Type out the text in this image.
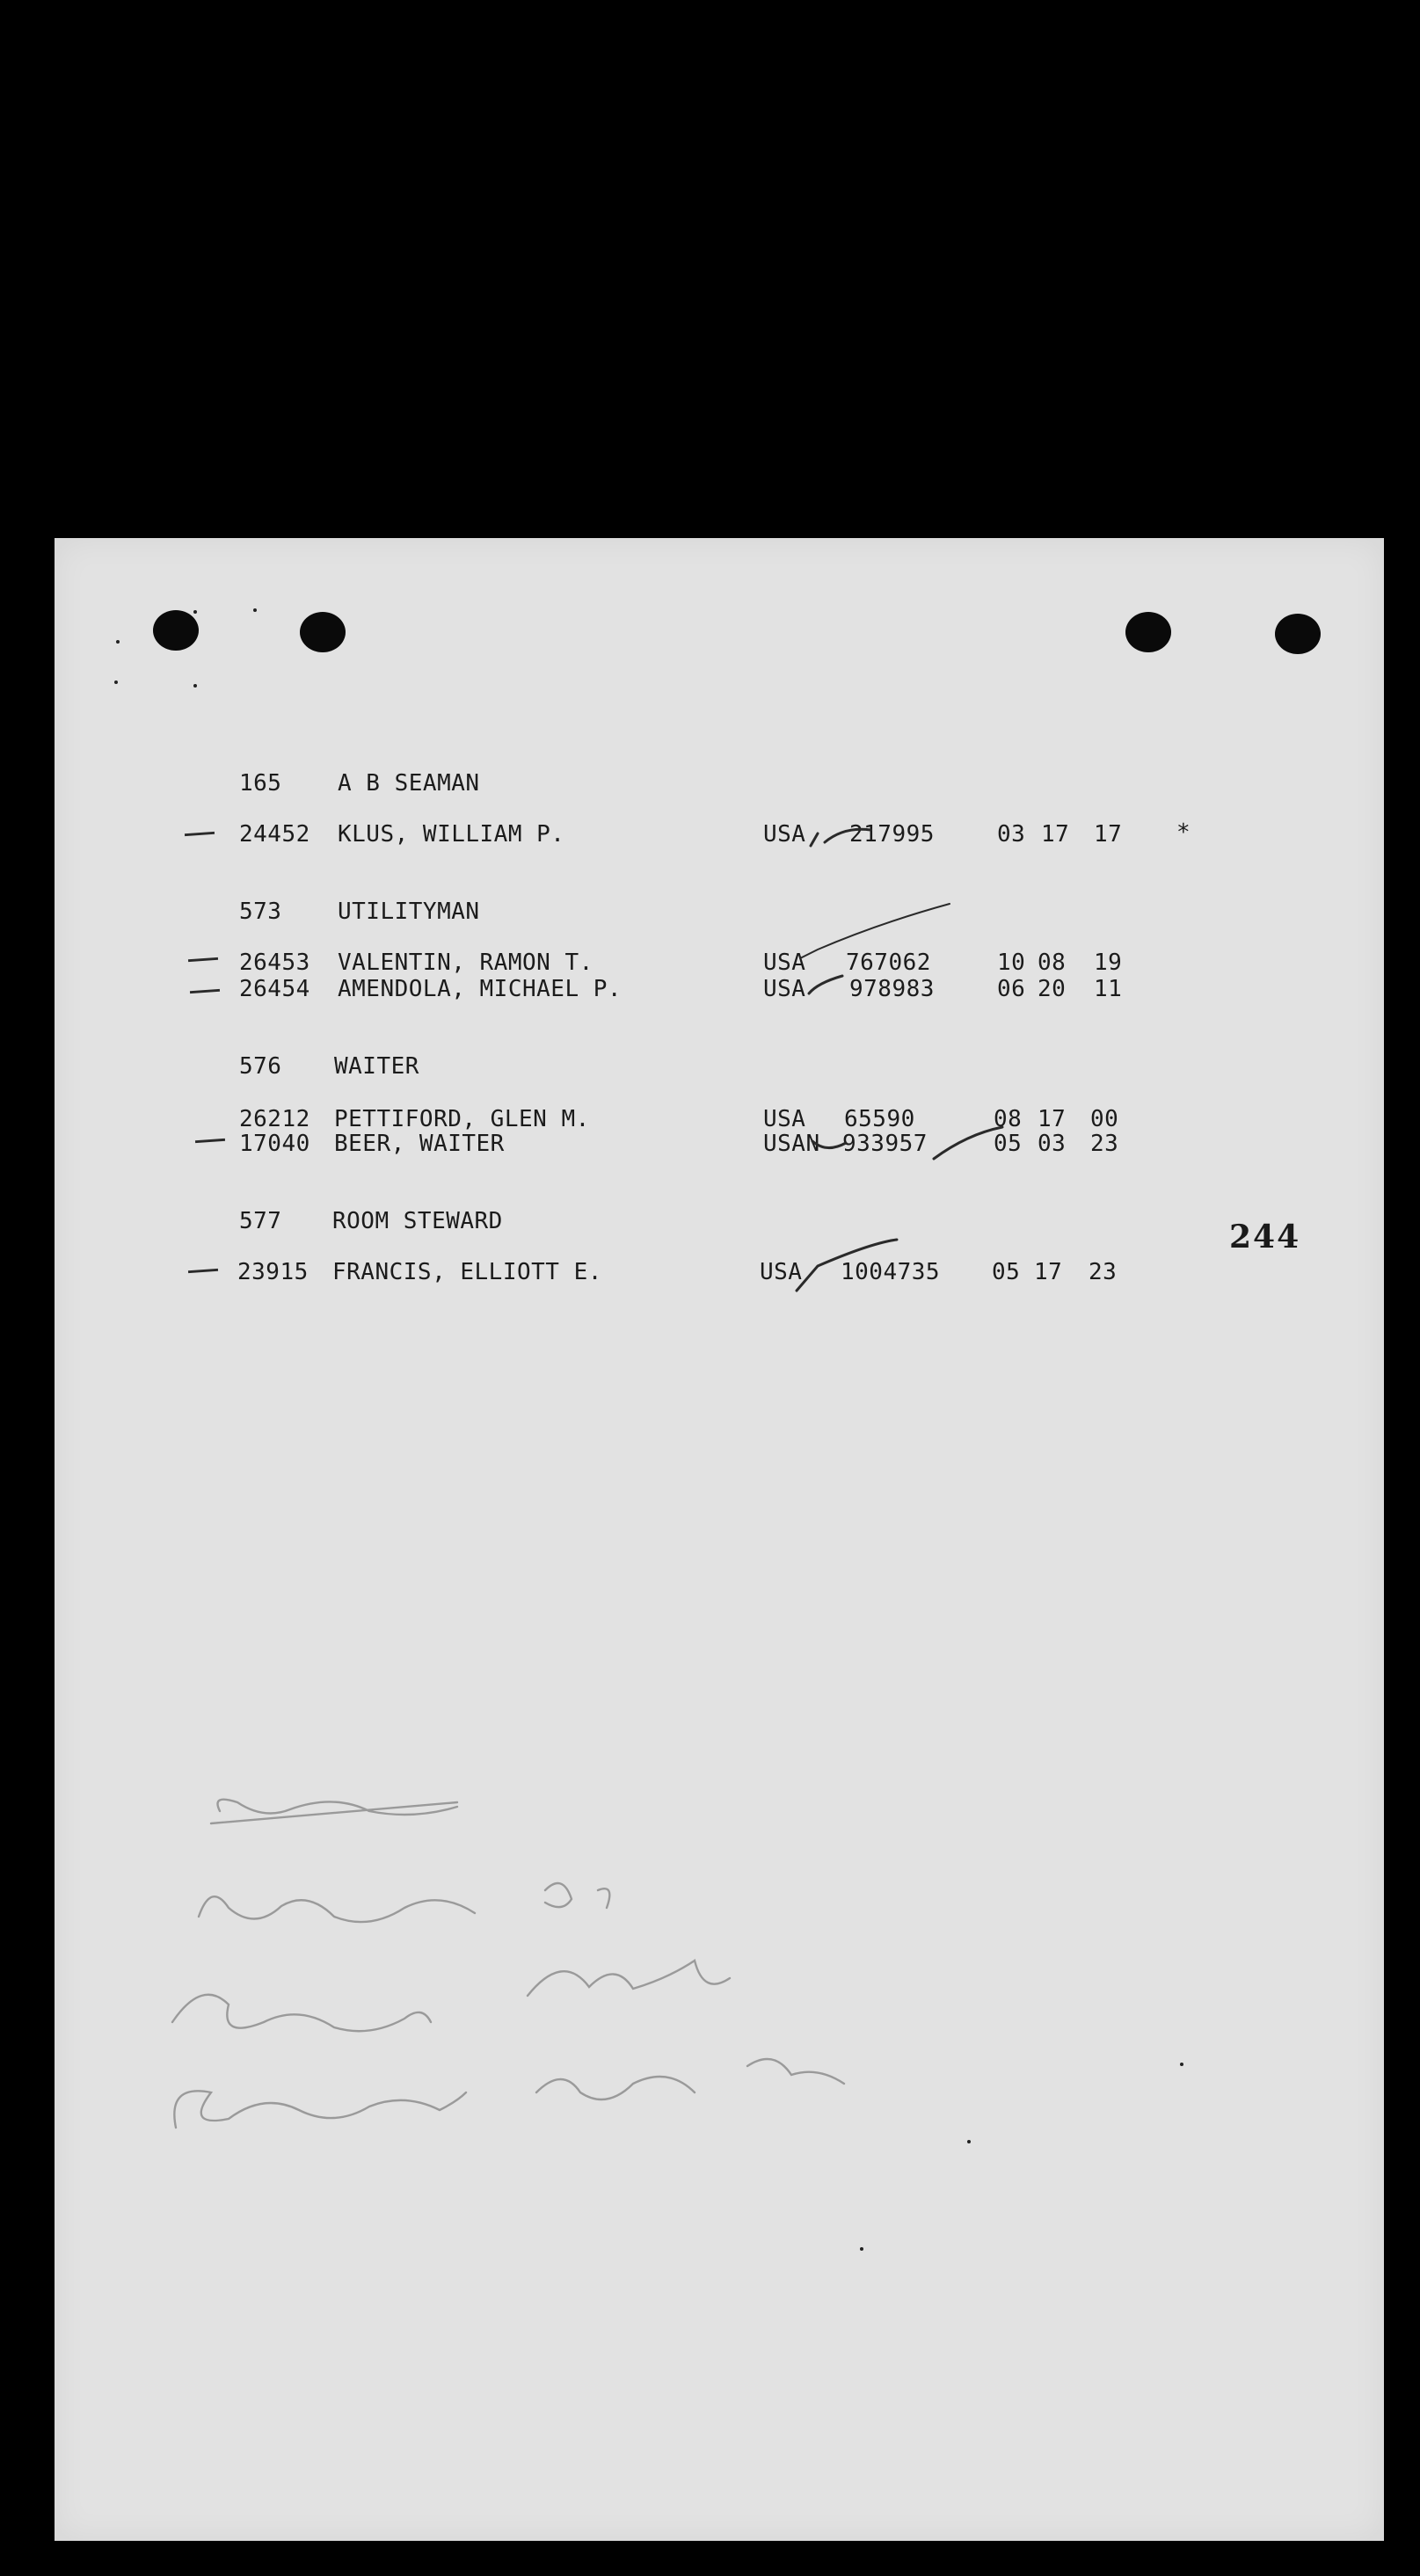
165 A B SEAMAN
24452 KLUS, WILLIAM P.	USA 217995	03 17 17 *
573 UTILITYMAN
26453 VALENTIN, RAMON T.	USA 767062	10 08 19
26454 AMENDOLA, MICHAEL P.	USA 978983	06 20 11
576 WAITER
26212 PETTIFORD, GLEN M.	USA 65590	08 17 00
17040 BEER, WAITER	USAN 933957	05 03 23
577 ROOM STEWARD	244
23915 FRANCIS, ELLIOTT E.	USA 1004735 05 17 23
